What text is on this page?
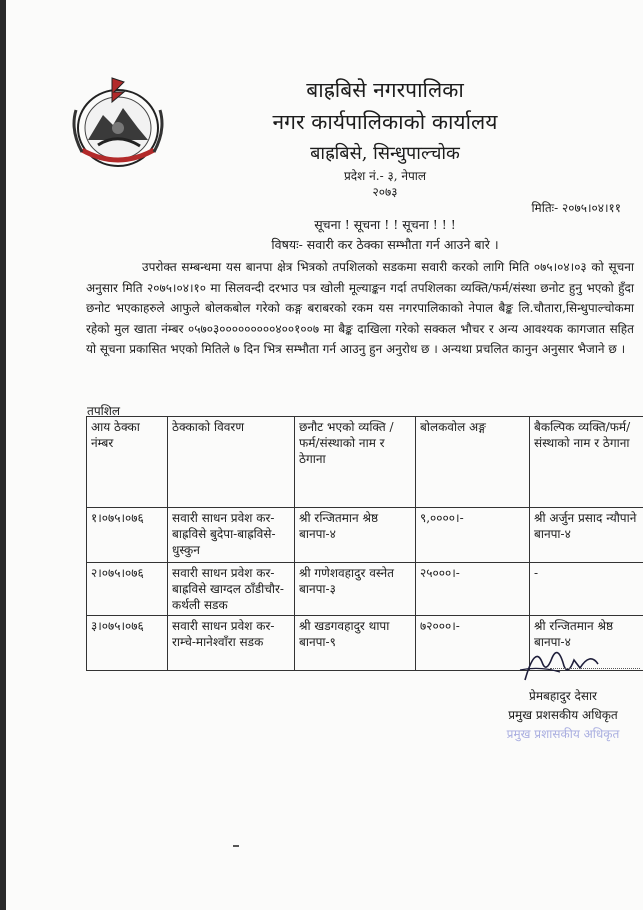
बाह्रबिसे नगरपालिका
नगर कार्यपालिकाको कार्यालय
बाह्रबिसे, सिन्धुपाल्चोक
प्रदेश नं.- ३, नेपाल
२०७३
मितिः- २०७५।०४।११
सूचना ! सूचना ! ! सूचना ! ! !
विषयः- सवारी कर ठेक्का सम्भौता गर्न आउने बारे ।

उपरोक्त सम्बन्धमा यस बानपा क्षेत्र भित्रको तपशिलको सडकमा सवारी करको लागि मिति ०७५।०४।०३ को सूचना अनुसार मिति २०७५।०४।१० मा सिलवन्दी दरभाउ पत्र खोली मूल्याङ्कन गर्दा तपशिलका व्यक्ति/फर्म/संस्था छनोट हुनु भएको हुँदा छनोट भएकाहरुले आफुले बोलकबोल गरेको कङ्ग बराबरको रकम यस नगरपालिकाको नेपाल बैङ्क लि.चौतारा,सिन्धुपाल्चोकमा रहेको मुल खाता नंम्बर ०५७०३०००००००००४००१००७ मा बैङ्क दाखिला गरेको सक्कल भौचर र अन्य आवश्यक कागजात सहित यो सूचना प्रकासित भएको मितिले ७ दिन भित्र सम्भौता गर्न आउनु हुन अनुरोध छ । अन्यथा प्रचलित कानुन अनुसार भैजाने छ ।

तपशिल
आय ठेक्का नंम्बर	ठेक्काको विवरण	छनौट भएको व्यक्ति /फर्म/संस्थाको नाम र ठेगाना	बोलकवोल अङ्ग	बैकल्पिक व्यक्ति/फर्म/संस्थाको नाम र ठेगाना
१।०७५।०७६	सवारी साधन प्रवेश कर-बाह्रविसे बुदेपा-बाह्रविसे-धुस्कुन	श्री रन्जितमान श्रेष्ठ बानपा-४	९,००००।-	श्री अर्जुन प्रसाद न्यौपाने बानपा-४
२।०७५।०७६	सवारी साधन प्रवेश कर-बाह्रविसे खाग्दल ठाँडीचौर-कर्थली सडक	श्री गणेशवहादुर वस्नेत बानपा-३	२५०००।-	-
३।०७५।०७६	सवारी साधन प्रवेश कर-राम्चे-मानेश्वाँरा सडक	श्री खडगवहादुर थापा बानपा-९	७२०००।-	श्री रन्जितमान श्रेष्ठ बानपा-४
प्रेमबहादुर देसार
प्रमुख प्रशसकीय अधिकृत
प्रमुख प्रशासकीय अधिकृत
